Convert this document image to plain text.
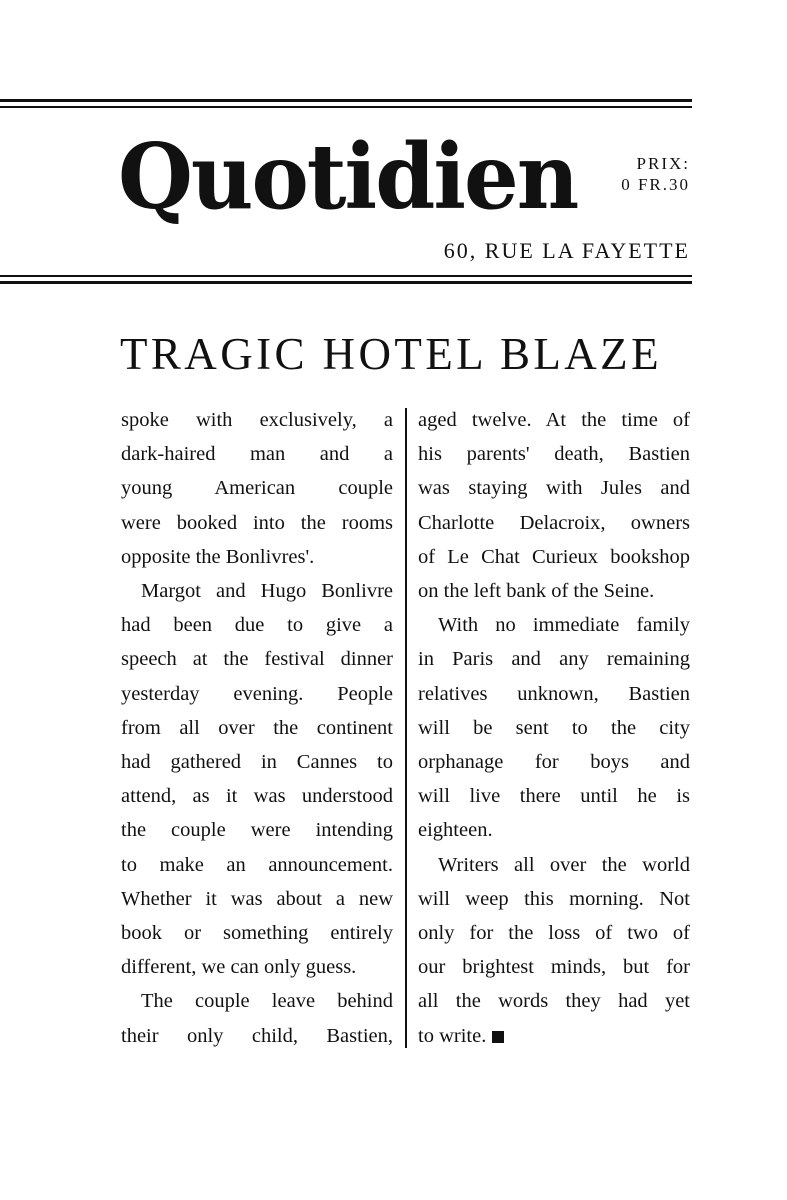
Quotidien	PRIX:
0 FR.30
60, RUE LA FAYETTE
TRAGIC HOTEL BLAZE

spoke with exclusively, a

dark-haired man and a

young American couple

were booked into the rooms

opposite the Bonlivres'.

Margot and Hugo Bonlivre

had been due to give a

speech at the festival dinner

yesterday evening. People

from all over the continent

had gathered in Cannes to

attend, as it was understood

the couple were intending

to make an announcement.

Whether it was about a new

book or something entirely

different, we can only guess.

The couple leave behind

their only child, Bastien,

aged twelve. At the time of

his parents' death, Bastien

was staying with Jules and

Charlotte Delacroix, owners

of Le Chat Curieux bookshop

on the left bank of the Seine.

With no immediate family

in Paris and any remaining

relatives unknown, Bastien

will be sent to the city

orphanage for boys and

will live there until he is

eighteen.

Writers all over the world

will weep this morning. Not

only for the loss of two of

our brightest minds, but for

all the words they had yet

to write.
